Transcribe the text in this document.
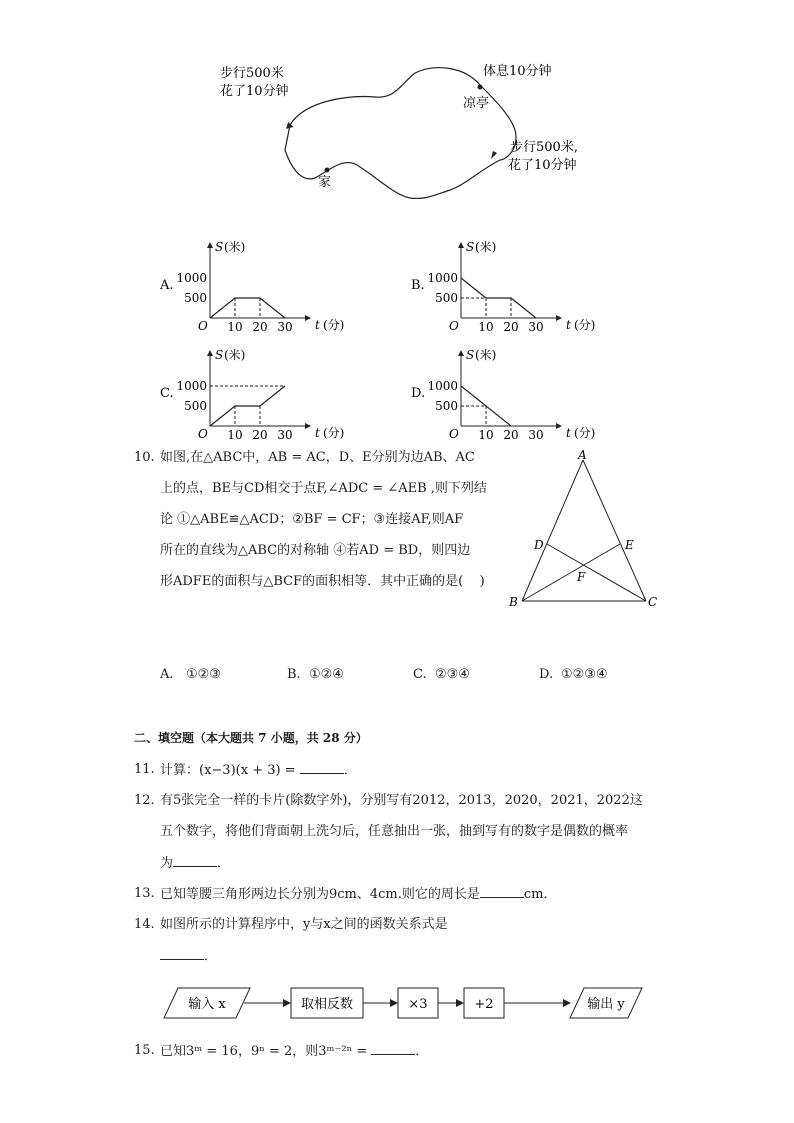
步行500米
花了10分钟
体息10分钟
凉亭
步行500米,
花了10分钟
家
A.
S (米)
t (分)
O
500
1000
10 20 30
B.
S (米)
t (分)
O
500
1000
10 20 30
C.
S (米)
t (分)
O
500
1000
10 20 30
D.
S (米)
t (分)
O
500
1000
10 20 30
10. 如图,在△ABC中，AB = AC，D、E分别为边AB、AC
上的点，BE与CD相交于点F,∠ADC = ∠AEB ,则下列结
论 ①△ABE≌△ACD；②BF = CF；③连接AF,则AF
所在的直线为△ABC的对称轴 ④若AD = BD，则四边
形ADFE的面积与△BCF的面积相等．其中正确的是(    )
A
B	C
D	E
F
A. ①②③	B. ①②④	C. ②③④	D. ①②③④
二、填空题（本大题共 7 小题，共 28 分）
11. 计算：(x−3)(x + 3) =	．
12. 有5张完全一样的卡片(除数字外)，分别写有2012，2013，2020，2021，2022这
五个数字，将他们背面朝上洗匀后，任意抽出一张，抽到写有的数字是偶数的概率
为	．
13. 已知等腰三角形两边长分别为9cm、4cm.则它的周长是	cm．
14. 如图所示的计算程序中，y与x之间的函数关系式是
．
输入 x	取相反数	×3	+2	输出 y
15. 已知3ᵐ = 16，9ⁿ = 2，则3ᵐ⁻²ⁿ =	．
